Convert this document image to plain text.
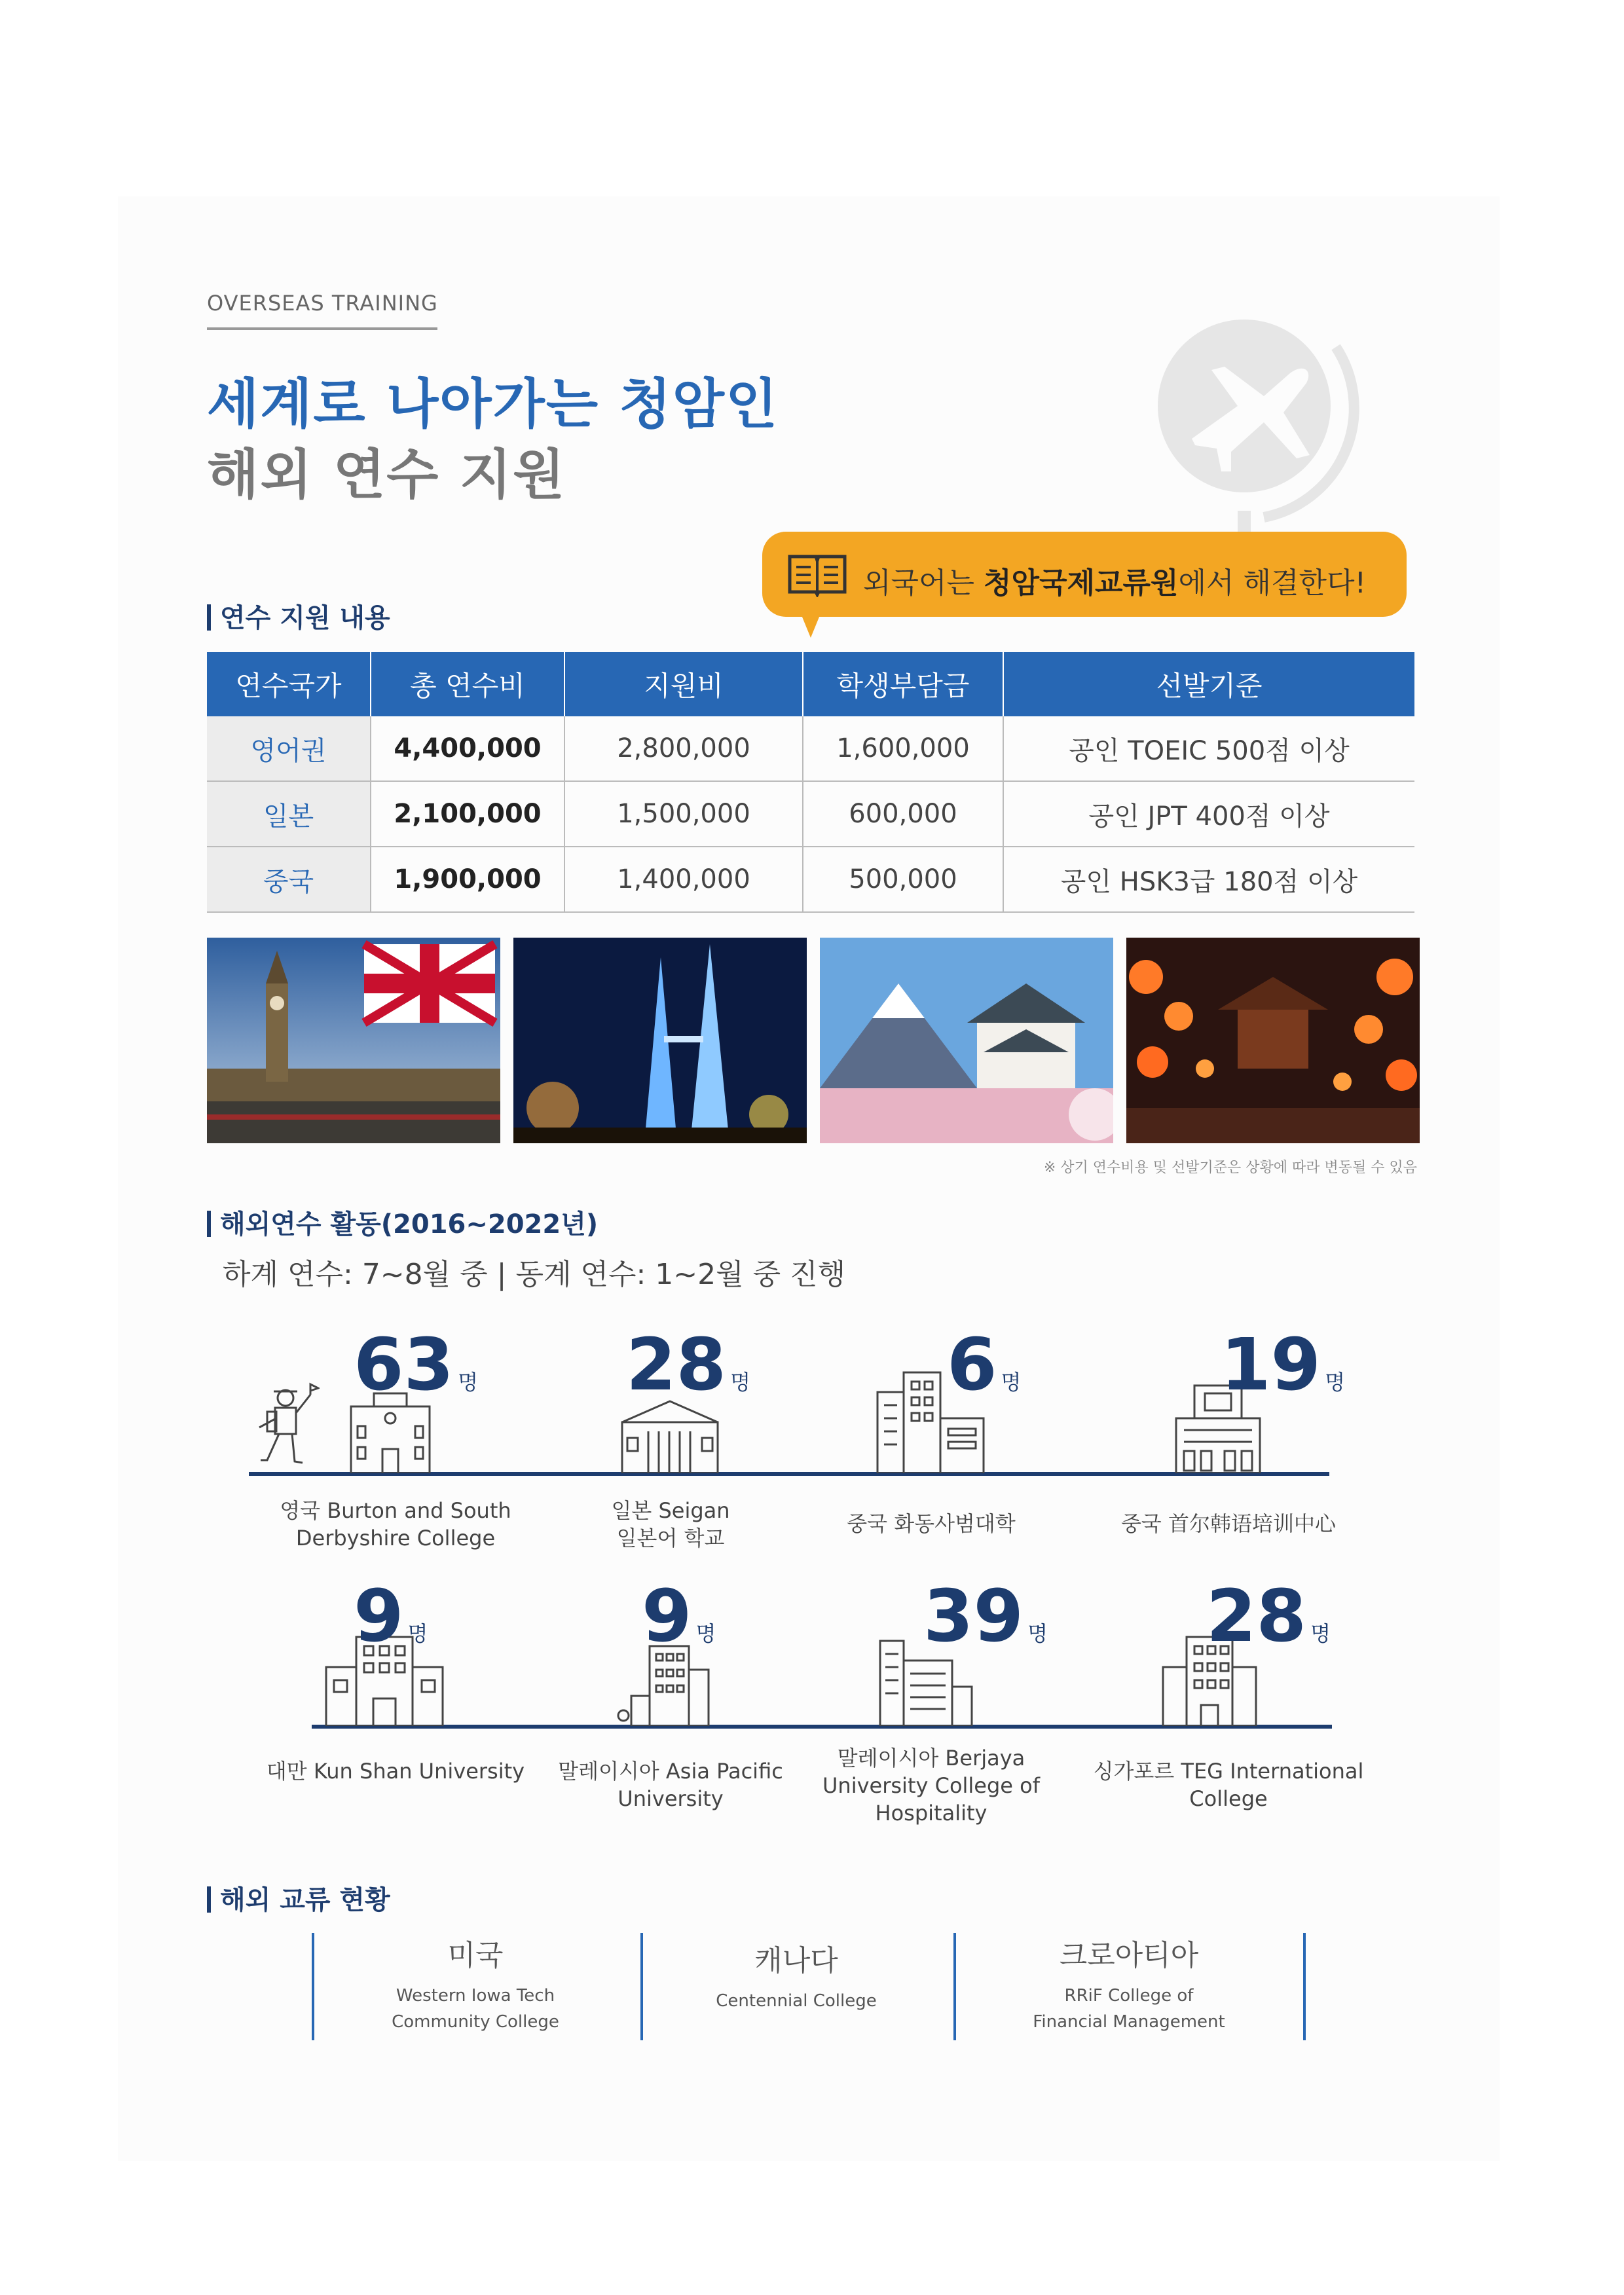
OVERSEAS TRAINING
세계로 나아가는 청암인
해외 연수 지원
연수 지원 내용
외국어는 청암국제교류원에서 해결한다!
연수국가	총 연수비	지원비	학생부담금	선발기준
영어권	4,400,000	2,800,000	1,600,000	공인 TOEIC 500점 이상
일본	2,100,000	1,500,000	600,000	공인 JPT 400점 이상
중국	1,900,000	1,400,000	500,000	공인 HSK3급 180점 이상
※ 상기 연수비용 및 선발기준은 상황에 따라 변동될 수 있음
해외연수 활동(2016~2022년)
하계 연수: 7~8월 중 | 동계 연수: 1~2월 중 진행
63 명
영국 Burton and South
Derbyshire College
28 명
일본 Seigan
일본어 학교
6 명
중국 화동사범대학
19 명
중국 首尔韩语培训中心
9 명
대만 Kun Shan University
9 명
말레이시아 Asia Pacific
University
39 명
말레이시아 Berjaya
University College of
Hospitality
28 명
싱가포르 TEG International
College
해외 교류 현황
미국
Western Iowa Tech
Community College
캐나다
Centennial College
크로아티아
RRiF College of
Financial Management
